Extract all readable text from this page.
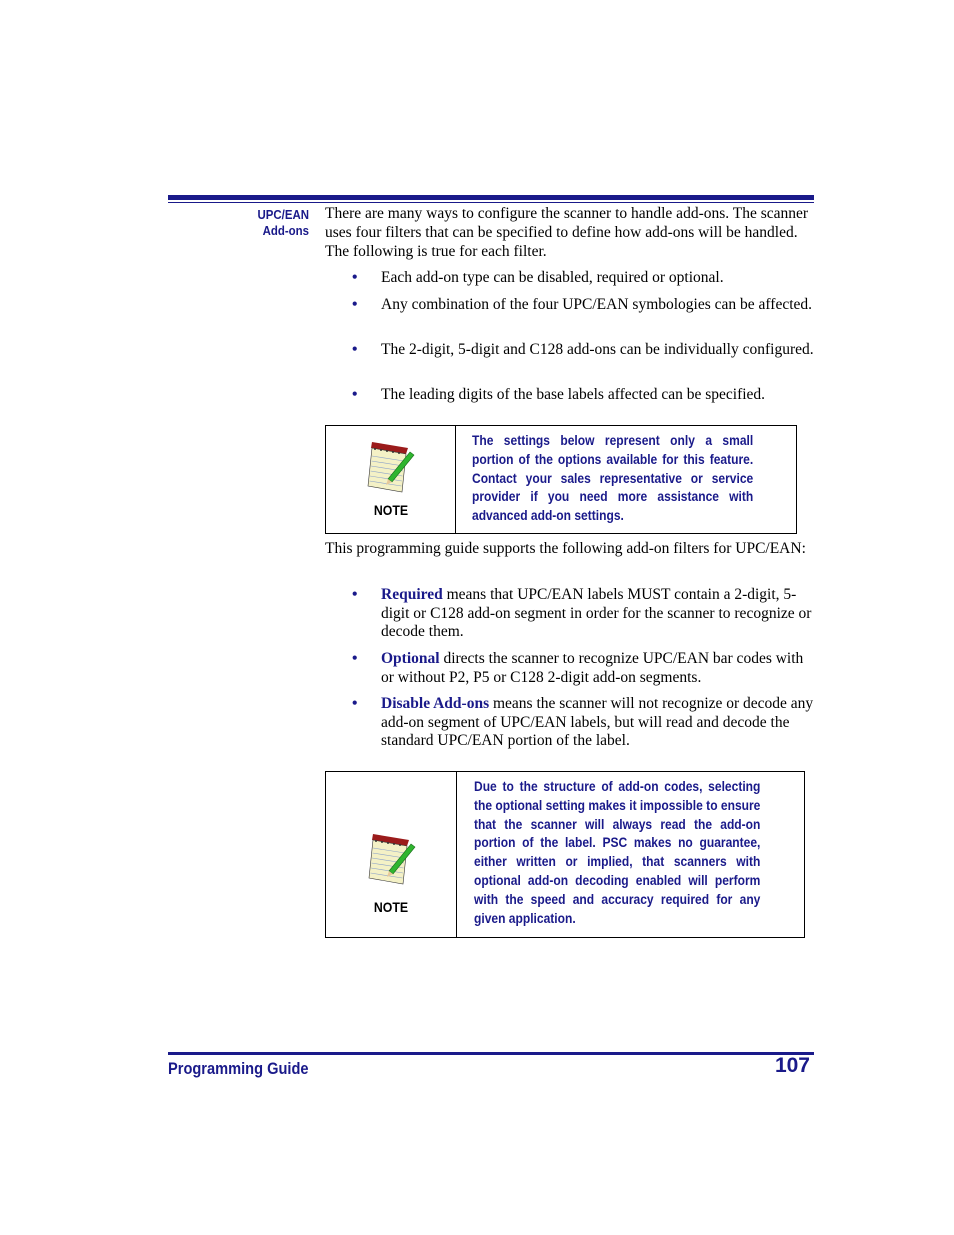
UPC/EAN
Add-ons
There are many ways to configure the scanner to handle add-ons. The scanner uses four filters that can be specified to define how add-ons will be handled. The following is true for each filter.
• Each add-on type can be disabled, required or optional.
• Any combination of the four UPC/EAN symbologies can be affected.
• The 2-digit, 5-digit and C128 add-ons can be individually configured.
• The leading digits of the base labels affected can be specified.
NOTE
The settings below represent only a small portion of the options available for this feature. Contact your sales representative or service provider if you need more assistance with advanced add-on settings.
This programming guide supports the following add-on filters for UPC/EAN:
• Required means that UPC/EAN labels MUST contain a 2-digit, 5-digit or C128 add-on segment in order for the scanner to recognize or decode them.
• Optional directs the scanner to recognize UPC/EAN bar codes with or without P2, P5 or C128 2-digit add-on segments.
• Disable Add-ons means the scanner will not recognize or decode any add-on segment of UPC/EAN labels, but will read and decode the standard UPC/EAN portion of the label.
NOTE
Due to the structure of add-on codes, selecting the optional setting makes it impossible to ensure that the scanner will always read the add-on portion of the label. PSC makes no guarantee, either written or implied, that scanners with optional add-on decoding enabled will perform with the speed and accuracy required for any given application.
Programming Guide	107
